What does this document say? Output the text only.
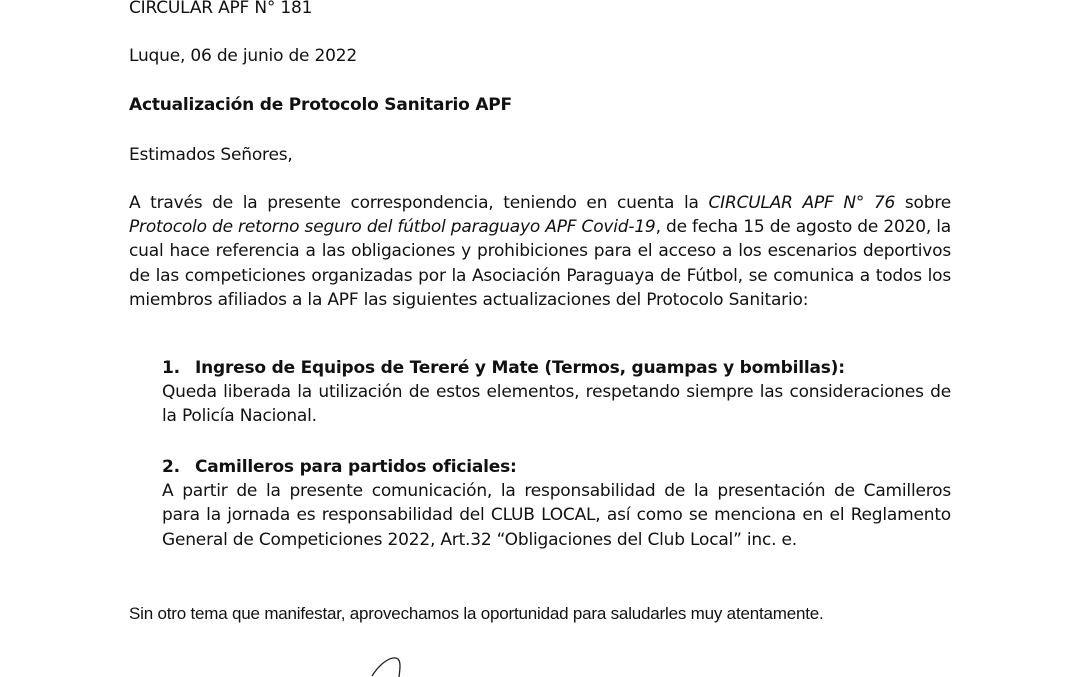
CIRCULAR APF N° 181
Luque, 06 de junio de 2022
Actualización de Protocolo Sanitario APF
Estimados Señores,
A través de la presente correspondencia, teniendo en cuenta la CIRCULAR APF N° 76 sobre Protocolo de retorno seguro del fútbol paraguayo APF Covid-19, de fecha 15 de agosto de 2020, la cual hace referencia a las obligaciones y prohibiciones para el acceso a los escenarios deportivos de las competiciones organizadas por la Asociación Paraguaya de Fútbol, se comunica a todos los miembros afiliados a la APF las siguientes actualizaciones del Protocolo Sanitario:
1. Ingreso de Equipos de Tereré y Mate (Termos, guampas y bombillas):
Queda liberada la utilización de estos elementos, respetando siempre las consideraciones de la Policía Nacional.
2. Camilleros para partidos oficiales:
A partir de la presente comunicación, la responsabilidad de la presentación de Camilleros para la jornada es responsabilidad del CLUB LOCAL, así como se menciona en el Reglamento General de Competiciones 2022, Art.32 “Obligaciones del Club Local” inc. e.
Sin otro tema que manifestar, aprovechamos la oportunidad para saludarles muy atentamente.
